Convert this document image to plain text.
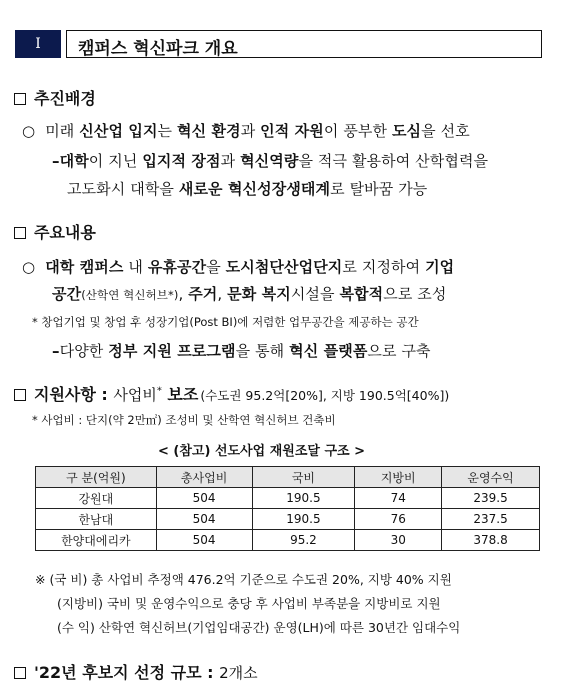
I	캠퍼스 혁신파크 개요
추진배경
○ 미래 신산업 입지는 혁신 환경과 인적 자원이 풍부한 도심을 선호
–대학이 지닌 입지적 장점과 혁신역량을 적극 활용하여 산학협력을
고도화시 대학을 새로운 혁신성장생태계로 탈바꿈 가능
주요내용
○ 대학 캠퍼스 내 유휴공간을 도시첨단산업단지로 지정하여 기업
공간(산학연 혁신허브*), 주거, 문화 복지시설을 복합적으로 조성
* 창업기업 및 창업 후 성장기업(Post BI)에 저렴한 업무공간을 제공하는 공간
–다양한 정부 지원 프로그램을 통해 혁신 플랫폼으로 구축
지원사항 : 사업비* 보조 (수도권 95.2억[20%], 지방 190.5억[40%])
* 사업비 : 단지(약 2만㎡) 조성비 및 산학연 혁신허브 건축비
< (참고) 선도사업 재원조달 구조 >
구 분(억원)	총사업비	국비	지방비	운영수익
강원대	504	190.5	74	239.5
한남대	504	190.5	76	237.5
한양대에리카	504	95.2	30	378.8
※ (국 비) 총 사업비 추정액 476.2억 기준으로 수도권 20%, 지방 40% 지원
(지방비) 국비 및 운영수익으로 충당 후 사업비 부족분을 지방비로 지원
(수 익) 산학연 혁신허브(기업임대공간) 운영(LH)에 따른 30년간 임대수익
'22년 후보지 선정 규모 : 2개소
